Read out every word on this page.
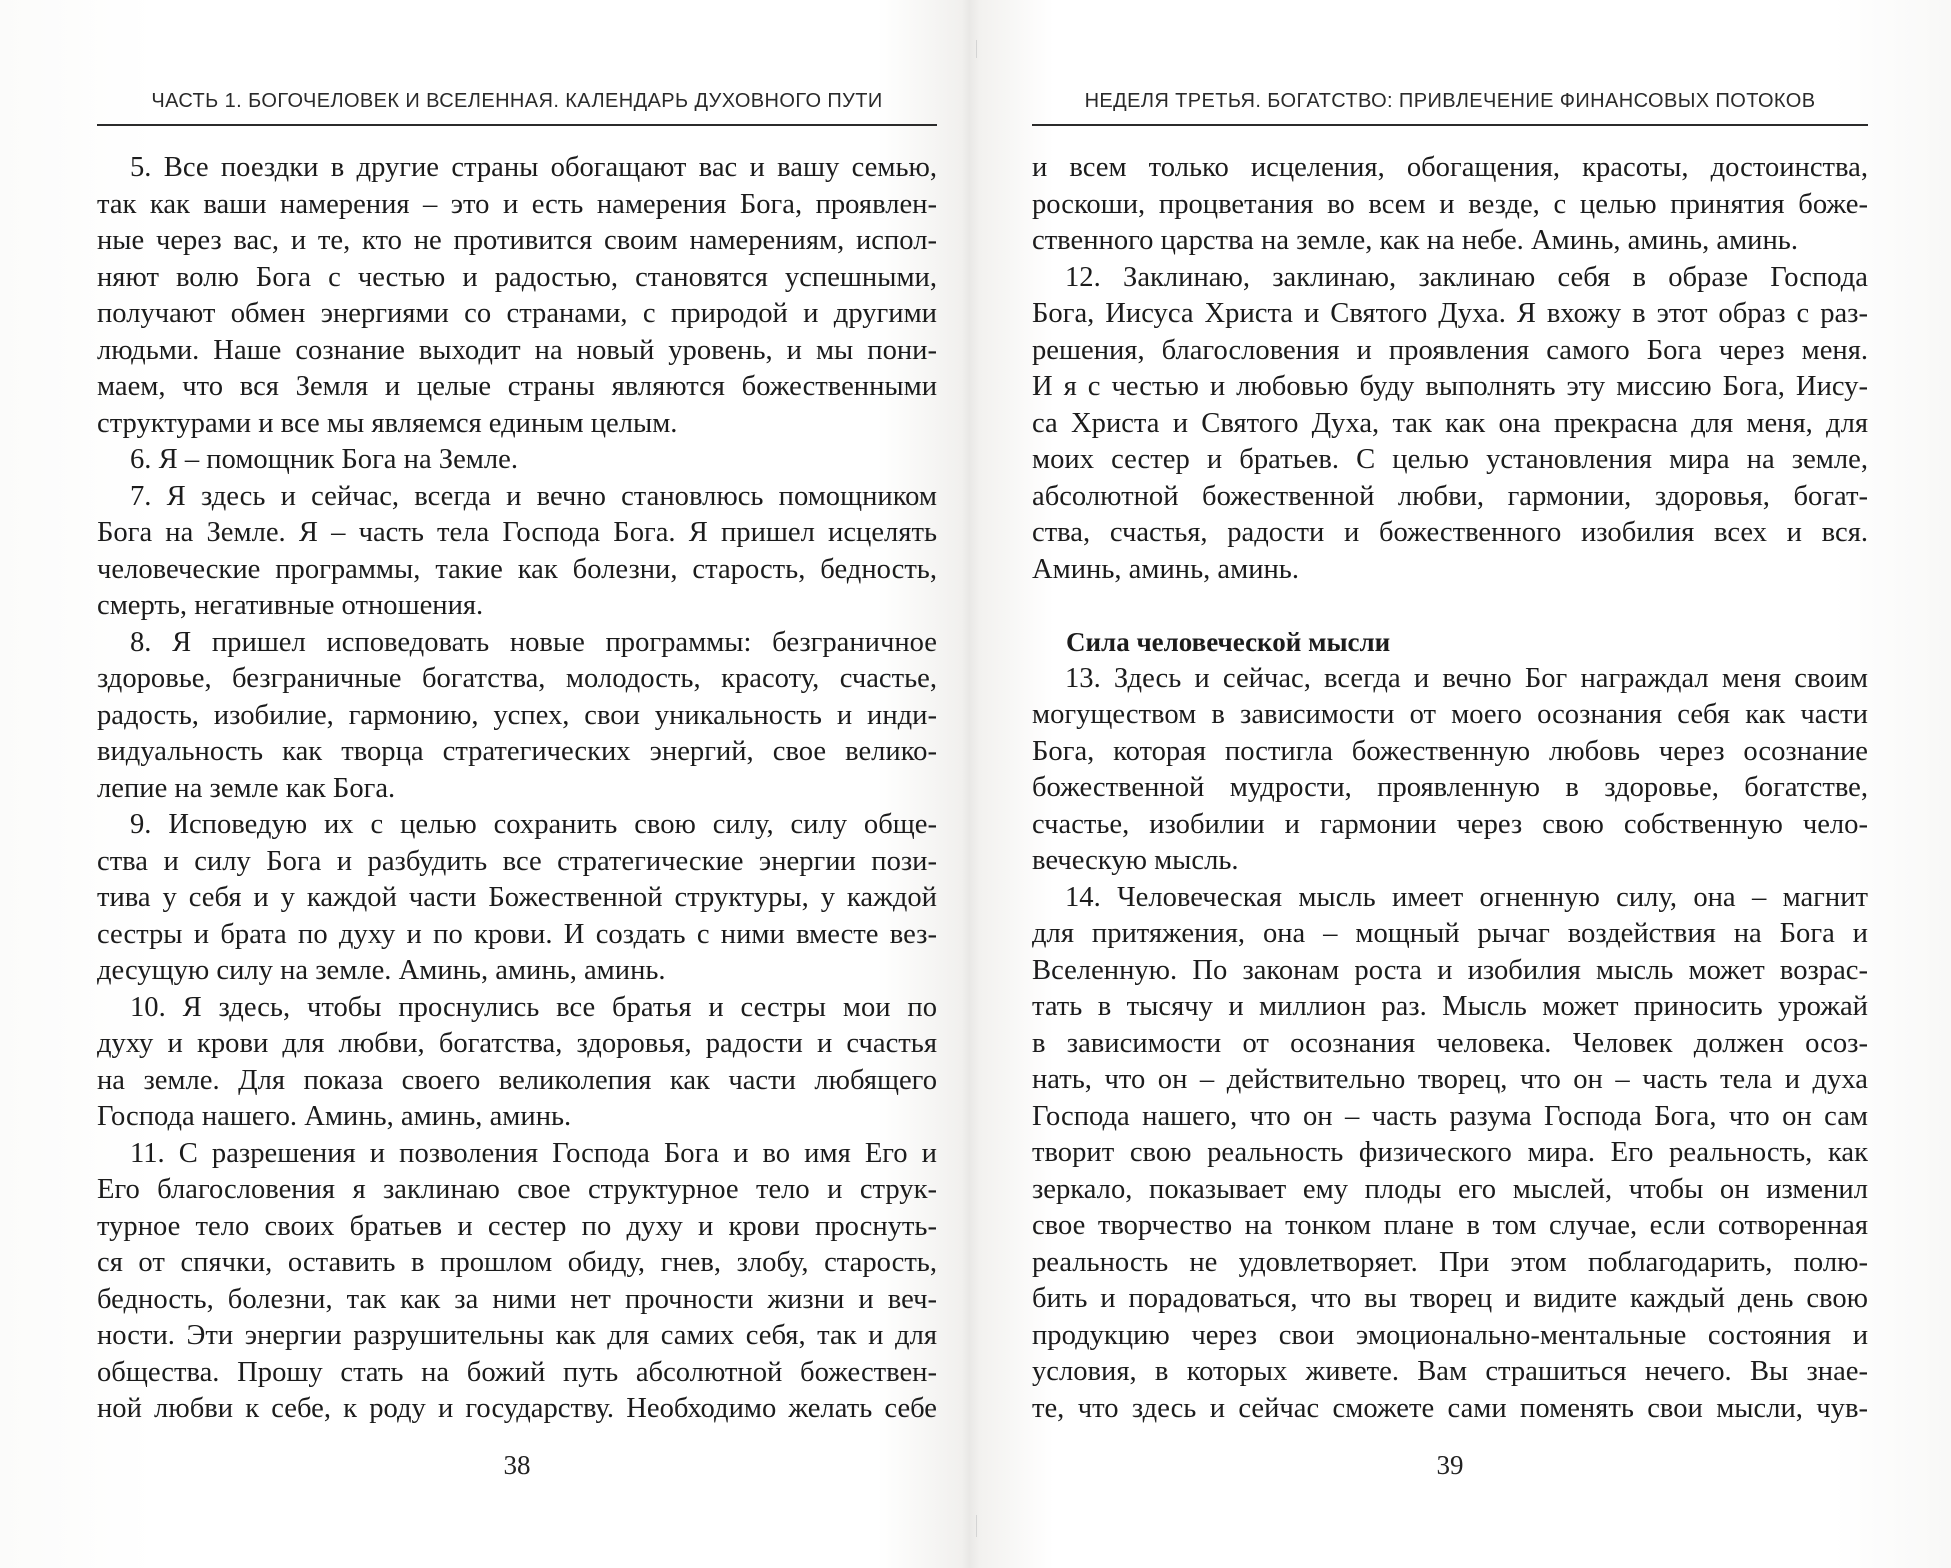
ЧАСТЬ 1. БОГОЧЕЛОВЕК И ВСЕЛЕННАЯ. КАЛЕНДАРЬ ДУХОВНОГО ПУТИ
5. Все поездки в другие страны обогащают вас и вашу семью,
так как ваши намерения – это и есть намерения Бога, проявлен-
ные через вас, и те, кто не противится своим намерениям, испол-
няют волю Бога с честью и радостью, становятся успешными,
получают обмен энергиями со странами, с природой и другими
людьми. Наше сознание выходит на новый уровень, и мы пони-
маем, что вся Земля и целые страны являются божественными
структурами и все мы являемся единым целым.
6. Я – помощник Бога на Земле.
7. Я здесь и сейчас, всегда и вечно становлюсь помощником
Бога на Земле. Я – часть тела Господа Бога. Я пришел исцелять
человеческие программы, такие как болезни, старость, бедность,
смерть, негативные отношения.
8. Я пришел исповедовать новые программы: безграничное
здоровье, безграничные богатства, молодость, красоту, счастье,
радость, изобилие, гармонию, успех, свои уникальность и инди-
видуальность как творца стратегических энергий, свое велико-
лепие на земле как Бога.
9. Исповедую их с целью сохранить свою силу, силу обще-
ства и силу Бога и разбудить все стратегические энергии пози-
тива у себя и у каждой части Божественной структуры, у каждой
сестры и брата по духу и по крови. И создать с ними вместе вез-
десущую силу на земле. Аминь, аминь, аминь.
10. Я здесь, чтобы проснулись все братья и сестры мои по
духу и крови для любви, богатства, здоровья, радости и счастья
на земле. Для показа своего великолепия как части любящего
Господа нашего. Аминь, аминь, аминь.
11. С разрешения и позволения Господа Бога и во имя Его и
Его благословения я заклинаю свое структурное тело и струк-
турное тело своих братьев и сестер по духу и крови проснуть-
ся от спячки, оставить в прошлом обиду, гнев, злобу, старость,
бедность, болезни, так как за ними нет прочности жизни и веч-
ности. Эти энергии разрушительны как для самих себя, так и для
общества. Прошу стать на божий путь абсолютной божествен-
ной любви к себе, к роду и государству. Необходимо желать себе
38
НЕДЕЛЯ ТРЕТЬЯ. БОГАТСТВО: ПРИВЛЕЧЕНИЕ ФИНАНСОВЫХ ПОТОКОВ
и всем только исцеления, обогащения, красоты, достоинства,
роскоши, процветания во всем и везде, с целью принятия боже-
ственного царства на земле, как на небе. Аминь, аминь, аминь.
12. Заклинаю, заклинаю, заклинаю себя в образе Господа
Бога, Иисуса Христа и Святого Духа. Я вхожу в этот образ с раз-
решения, благословения и проявления самого Бога через меня.
И я с честью и любовью буду выполнять эту миссию Бога, Иису-
са Христа и Святого Духа, так как она прекрасна для меня, для
моих сестер и братьев. С целью установления мира на земле,
абсолютной божественной любви, гармонии, здоровья, богат-
ства, счастья, радости и божественного изобилия всех и вся.
Аминь, аминь, аминь.
Сила человеческой мысли
13. Здесь и сейчас, всегда и вечно Бог награждал меня своим
могуществом в зависимости от моего осознания себя как части
Бога, которая постигла божественную любовь через осознание
божественной мудрости, проявленную в здоровье, богатстве,
счастье, изобилии и гармонии через свою собственную чело-
веческую мысль.
14. Человеческая мысль имеет огненную силу, она – магнит
для притяжения, она – мощный рычаг воздействия на Бога и
Вселенную. По законам роста и изобилия мысль может возрас-
тать в тысячу и миллион раз. Мысль может приносить урожай
в зависимости от осознания человека. Человек должен осоз-
нать, что он – действительно творец, что он – часть тела и духа
Господа нашего, что он – часть разума Господа Бога, что он сам
творит свою реальность физического мира. Его реальность, как
зеркало, показывает ему плоды его мыслей, чтобы он изменил
свое творчество на тонком плане в том случае, если сотворенная
реальность не удовлетворяет. При этом поблагодарить, полю-
бить и порадоваться, что вы творец и видите каждый день свою
продукцию через свои эмоционально-ментальные состояния и
условия, в которых живете. Вам страшиться нечего. Вы знае-
те, что здесь и сейчас сможете сами поменять свои мысли, чув-
39
